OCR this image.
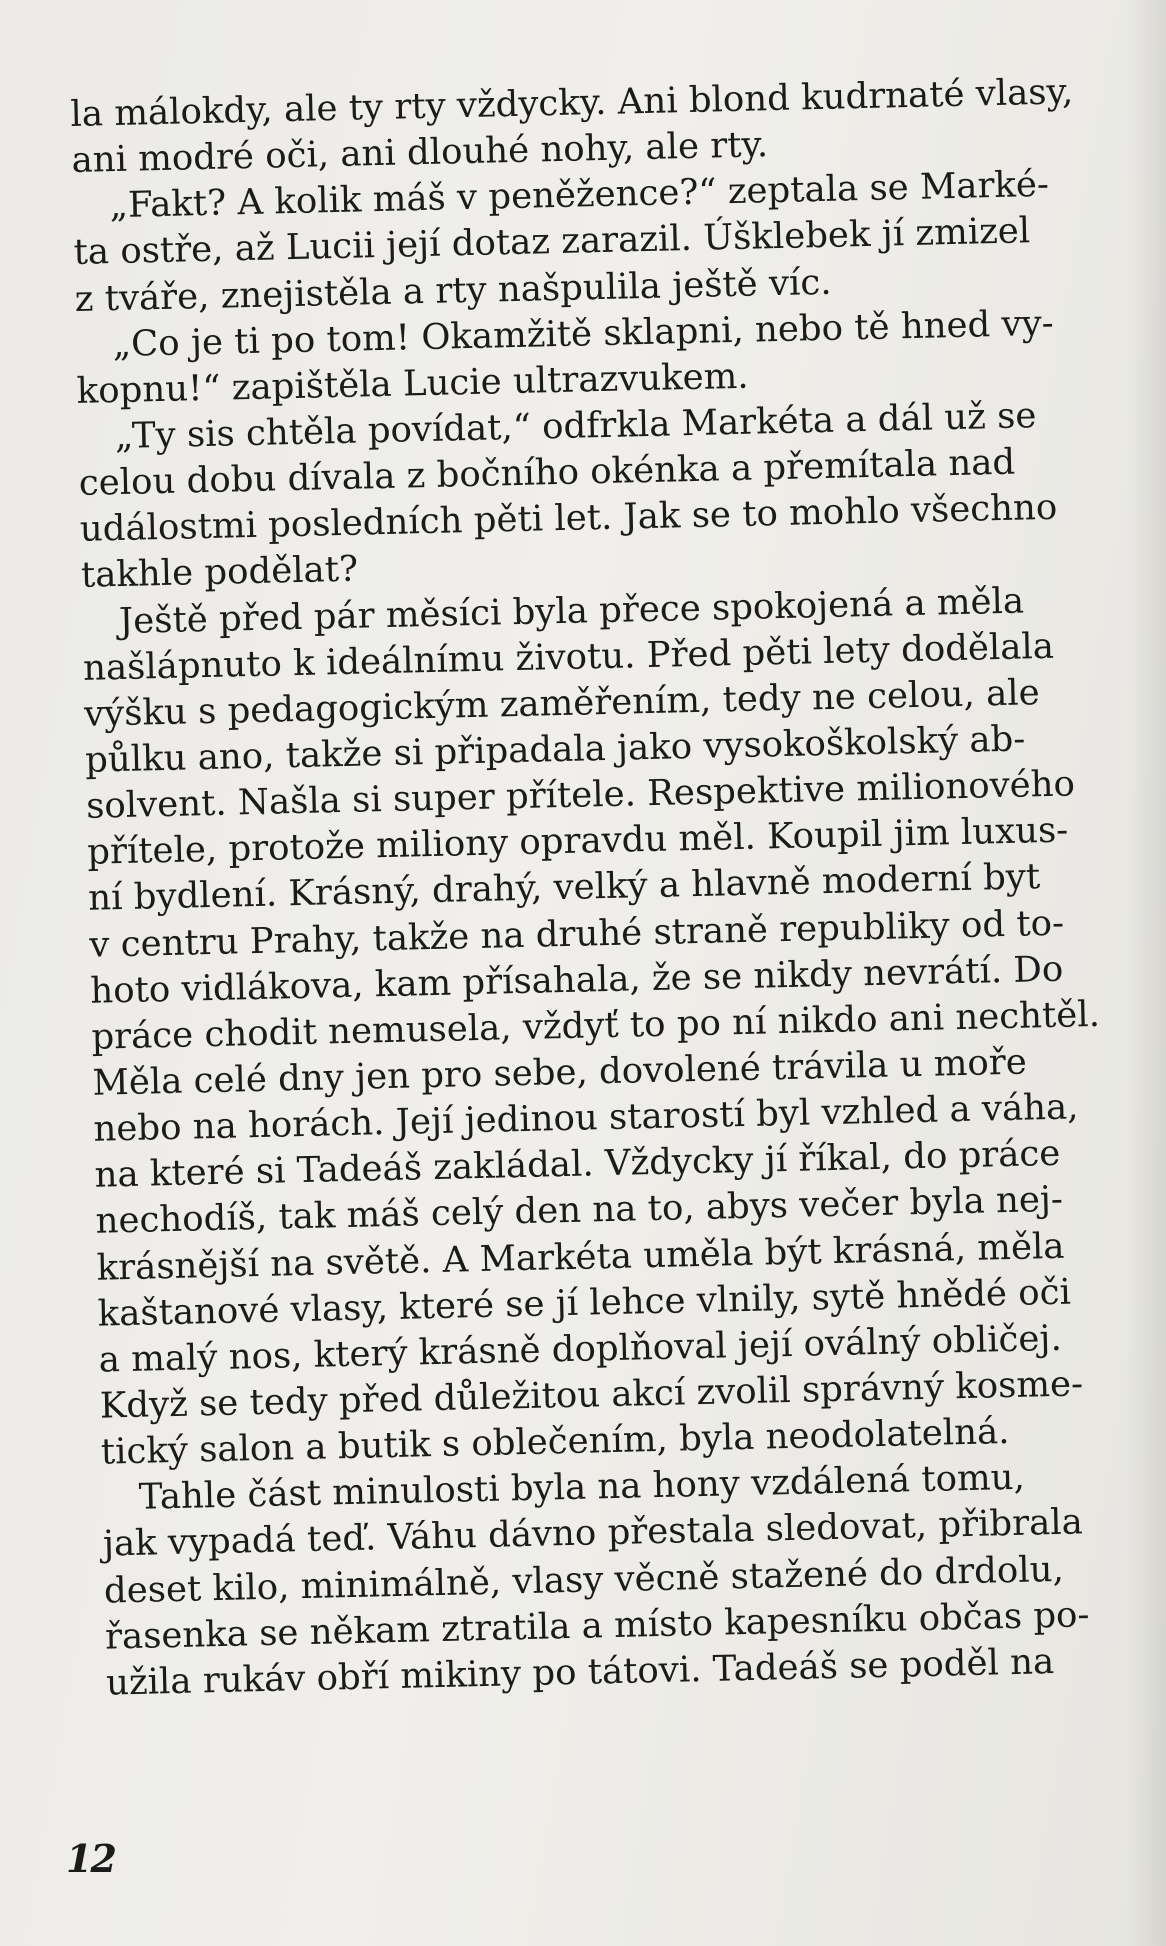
la málokdy, ale ty rty vždycky. Ani blond kudrnaté vlasy,
ani modré oči, ani dlouhé nohy, ale rty.
„Fakt? A kolik máš v peněžence?“ zeptala se Marké-
ta ostře, až Lucii její dotaz zarazil. Úšklebek jí zmizel
z tváře, znejistěla a rty našpulila ještě víc.
„Co je ti po tom! Okamžitě sklapni, nebo tě hned vy-
kopnu!“ zapištěla Lucie ultrazvukem.
„Ty sis chtěla povídat,“ odfrkla Markéta a dál už se
celou dobu dívala z bočního okénka a přemítala nad
událostmi posledních pěti let. Jak se to mohlo všechno
takhle podělat?
Ještě před pár měsíci byla přece spokojená a měla
našlápnuto k ideálnímu životu. Před pěti lety dodělala
výšku s pedagogickým zaměřením, tedy ne celou, ale
půlku ano, takže si připadala jako vysokoškolský ab-
solvent. Našla si super přítele. Respektive milionového
přítele, protože miliony opravdu měl. Koupil jim luxus-
ní bydlení. Krásný, drahý, velký a hlavně moderní byt
v centru Prahy, takže na druhé straně republiky od to-
hoto vidlákova, kam přísahala, že se nikdy nevrátí. Do
práce chodit nemusela, vždyť to po ní nikdo ani nechtěl.
Měla celé dny jen pro sebe, dovolené trávila u moře
nebo na horách. Její jedinou starostí byl vzhled a váha,
na které si Tadeáš zakládal. Vždycky jí říkal, do práce
nechodíš, tak máš celý den na to, abys večer byla nej-
krásnější na světě. A Markéta uměla být krásná, měla
kaštanové vlasy, které se jí lehce vlnily, sytě hnědé oči
a malý nos, který krásně doplňoval její oválný obličej.
Když se tedy před důležitou akcí zvolil správný kosme-
tický salon a butik s oblečením, byla neodolatelná.
Tahle část minulosti byla na hony vzdálená tomu,
jak vypadá teď. Váhu dávno přestala sledovat, přibrala
deset kilo, minimálně, vlasy věcně stažené do drdolu,
řasenka se někam ztratila a místo kapesníku občas po-
užila rukáv obří mikiny po tátovi. Tadeáš se poděl na
12
